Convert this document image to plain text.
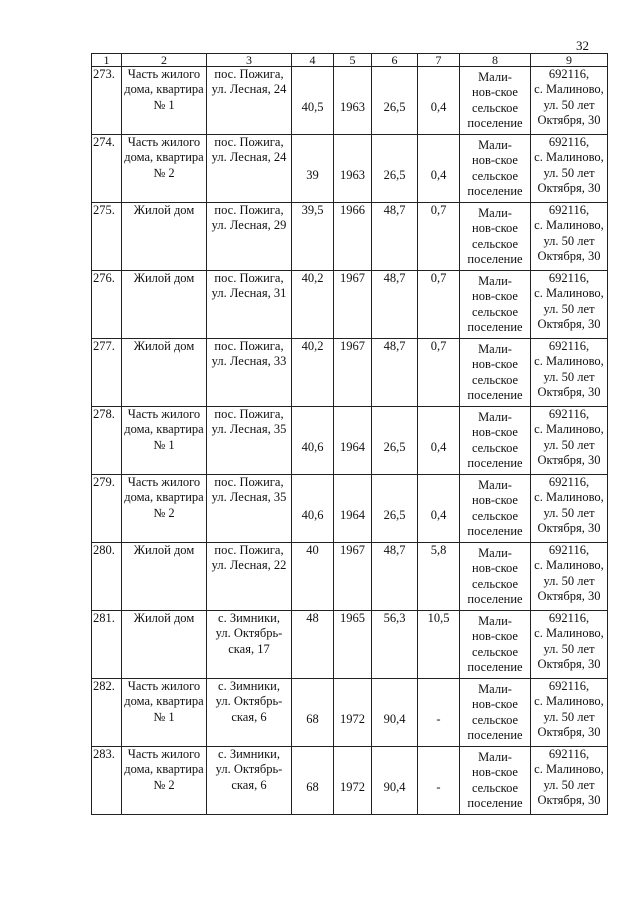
32
1	2	3	4	5	6	7	8	9
273.	Часть жилого
дома, квартира
№ 1	пос. Пожига,
ул. Лесная, 24	40,5	1963	26,5	0,4	Мали-
нов-ское
сельское
поселение	692116,
с. Малиново,
ул. 50 лет
Октября, 30
274.	Часть жилого
дома, квартира
№ 2	пос. Пожига,
ул. Лесная, 24	39	1963	26,5	0,4	Мали-
нов-ское
сельское
поселение	692116,
с. Малиново,
ул. 50 лет
Октября, 30
275.	Жилой дом	пос. Пожига,
ул. Лесная, 29	39,5	1966	48,7	0,7	Мали-
нов-ское
сельское
поселение	692116,
с. Малиново,
ул. 50 лет
Октября, 30
276.	Жилой дом	пос. Пожига,
ул. Лесная, 31	40,2	1967	48,7	0,7	Мали-
нов-ское
сельское
поселение	692116,
с. Малиново,
ул. 50 лет
Октября, 30
277.	Жилой дом	пос. Пожига,
ул. Лесная, 33	40,2	1967	48,7	0,7	Мали-
нов-ское
сельское
поселение	692116,
с. Малиново,
ул. 50 лет
Октября, 30
278.	Часть жилого
дома, квартира
№ 1	пос. Пожига,
ул. Лесная, 35	40,6	1964	26,5	0,4	Мали-
нов-ское
сельское
поселение	692116,
с. Малиново,
ул. 50 лет
Октября, 30
279.	Часть жилого
дома, квартира
№ 2	пос. Пожига,
ул. Лесная, 35	40,6	1964	26,5	0,4	Мали-
нов-ское
сельское
поселение	692116,
с. Малиново,
ул. 50 лет
Октября, 30
280.	Жилой дом	пос. Пожига,
ул. Лесная, 22	40	1967	48,7	5,8	Мали-
нов-ское
сельское
поселение	692116,
с. Малиново,
ул. 50 лет
Октября, 30
281.	Жилой дом	с. Зимники,
ул. Октябрь-
ская, 17	48	1965	56,3	10,5	Мали-
нов-ское
сельское
поселение	692116,
с. Малиново,
ул. 50 лет
Октября, 30
282.	Часть жилого
дома, квартира
№ 1	с. Зимники,
ул. Октябрь-
ская, 6	68	1972	90,4	-	Мали-
нов-ское
сельское
поселение	692116,
с. Малиново,
ул. 50 лет
Октября, 30
283.	Часть жилого
дома, квартира
№ 2	с. Зимники,
ул. Октябрь-
ская, 6	68	1972	90,4	-	Мали-
нов-ское
сельское
поселение	692116,
с. Малиново,
ул. 50 лет
Октября, 30
